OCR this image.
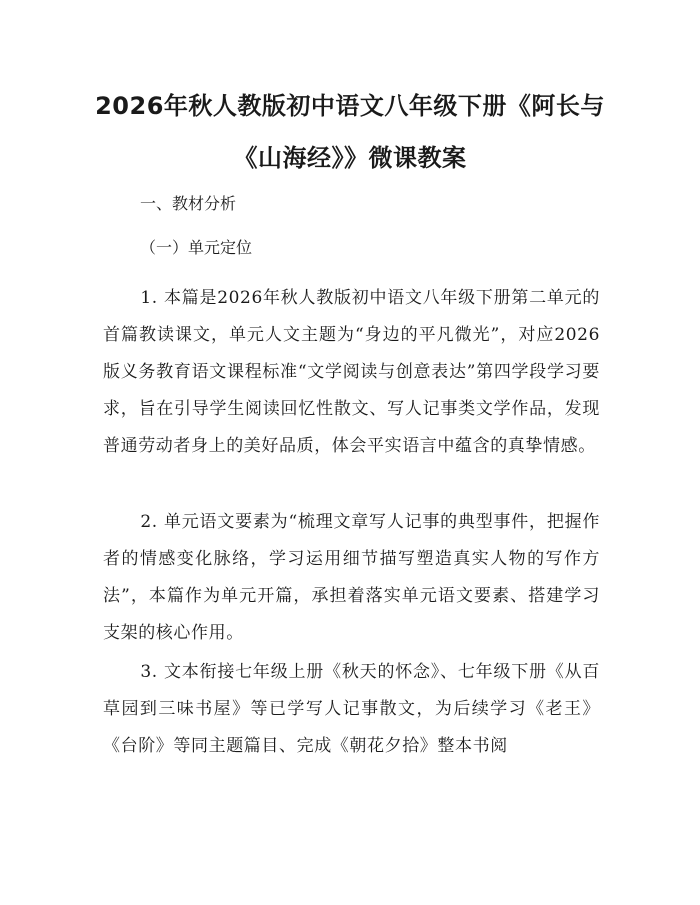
2026年秋人教版初中语文八年级下册《阿长与《山海经》》微课教案

一、教材分析

（一）单元定位

1. 本篇是2026年秋人教版初中语文八年级下册第二单元的首篇教读课文，单元人文主题为“身边的平凡微光”，对应2026版义务教育语文课程标准“文学阅读与创意表达”第四学段学习要求，旨在引导学生阅读回忆性散文、写人记事类文学作品，发现普通劳动者身上的美好品质，体会平实语言中蕴含的真挚情感。

2. 单元语文要素为“梳理文章写人记事的典型事件，把握作者的情感变化脉络，学习运用细节描写塑造真实人物的写作方法”，本篇作为单元开篇，承担着落实单元语文要素、搭建学习支架的核心作用。

3. 文本衔接七年级上册《秋天的怀念》、七年级下册《从百草园到三味书屋》等已学写人记事散文，为后续学习《老王》《台阶》等同主题篇目、完成《朝花夕拾》整本书阅
